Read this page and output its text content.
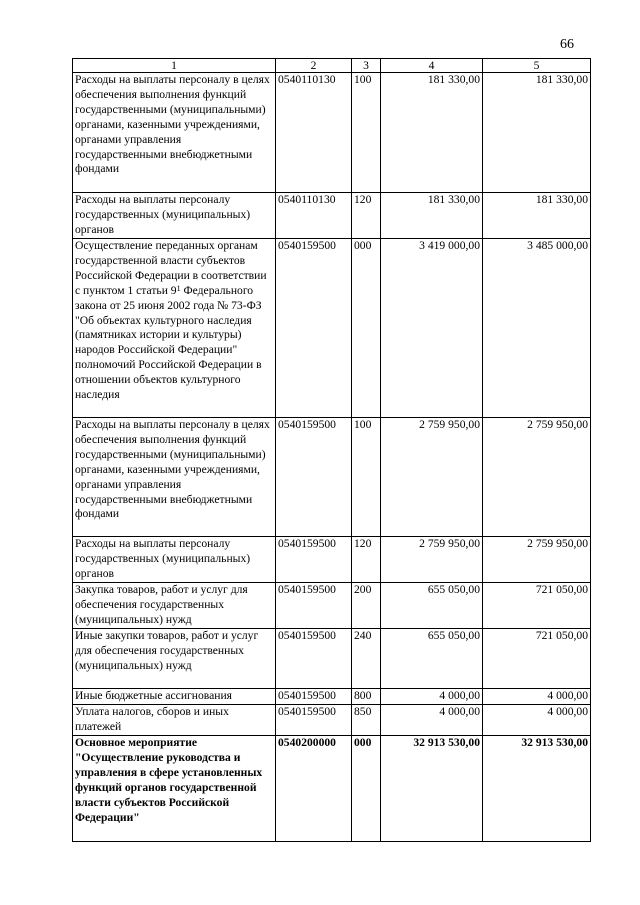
66
1	2	3	4	5
Расходы на выплаты персоналу в целях обеспечения выполнения функций государственными (муниципальными) органами, казенными учреждениями, органами управления государственными внебюджетными фондами	0540110130	100	181 330,00	181 330,00
Расходы на выплаты персоналу государственных (муниципальных) органов	0540110130	120	181 330,00	181 330,00
Осуществление переданных органам государственной власти субъектов Российской Федерации в соответствии с пунктом 1 статьи $9^1$ Федерального закона от 25 июня 2002 года № 73-ФЗ "Об объектах культурного наследия (памятниках истории и культуры) народов Российской Федерации" полномочий Российской Федерации в отношении объектов культурного наследия	0540159500	000	3 419 000,00	3 485 000,00
Расходы на выплаты персоналу в целях обеспечения выполнения функций государственными (муниципальными) органами, казенными учреждениями, органами управления государственными внебюджетными фондами	0540159500	100	2 759 950,00	2 759 950,00
Расходы на выплаты персоналу государственных (муниципальных) органов	0540159500	120	2 759 950,00	2 759 950,00
Закупка товаров, работ и услуг для обеспечения государственных (муниципальных) нужд	0540159500	200	655 050,00	721 050,00
Иные закупки товаров, работ и услуг для обеспечения государственных (муниципальных) нужд	0540159500	240	655 050,00	721 050,00
Иные бюджетные ассигнования	0540159500	800	4 000,00	4 000,00
Уплата налогов, сборов и иных платежей	0540159500	850	4 000,00	4 000,00
Основное мероприятие "Осуществление руководства и управления в сфере установленных функций органов государственной власти субъектов Российской Федерации"	0540200000	000	32 913 530,00	32 913 530,00
